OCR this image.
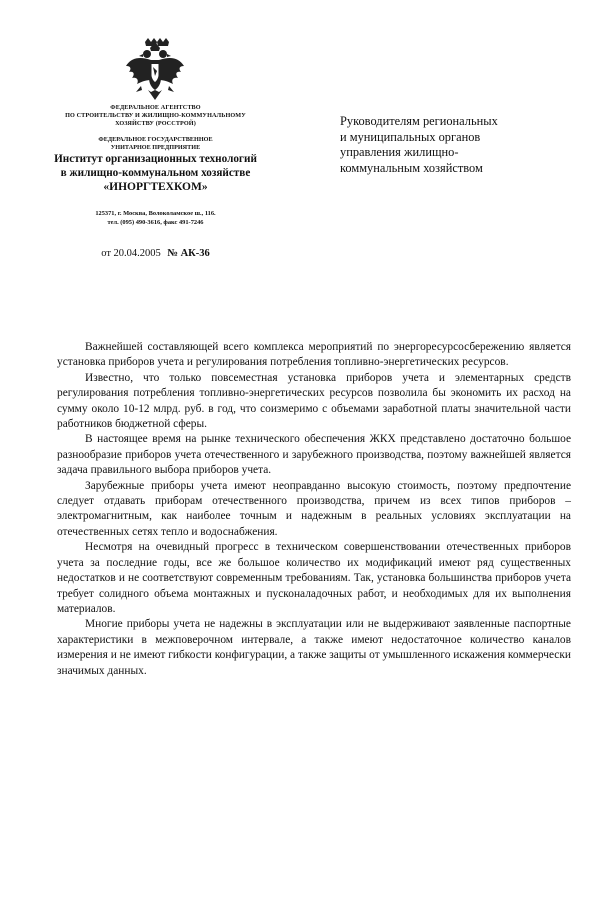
ФЕДЕРАЛЬНОЕ АГЕНТСТВО
ПО СТРОИТЕЛЬСТВУ И ЖИЛИЩНО-КОММУНАЛЬНОМУ
ХОЗЯЙСТВУ (РОССТРОЙ)
ФЕДЕРАЛЬНОЕ ГОСУДАРСТВЕННОЕ
УНИТАРНОЕ ПРЕДПРИЯТИЕ
Институт организационных технологий
в жилищно-коммунальном хозяйстве
«ИНОРГТЕХКОМ»
125371, г. Москва, Волоколамское ш., 116.
тел. (095) 490-3616, факс 491-7246
от 20.04.2005 № АК-36
Руководителям региональных
и муниципальных органов
управления жилищно-
коммунальным хозяйством

Важнейшей составляющей всего комплекса мероприятий по энергоресурсосбережению является установка приборов учета и регулирования потребления топливно-энергетических ресурсов.

Известно, что только повсеместная установка приборов учета и элементарных средств регулирования потребления топливно-энергетических ресурсов позволила бы экономить их расход на сумму около 10-12 млрд. руб. в год, что соизмеримо с объемами заработной платы значительной части работников бюджетной сферы.

В настоящее время на рынке технического обеспечения ЖКХ представлено достаточно большое разнообразие приборов учета отечественного и зарубежного производства, поэтому важнейшей является задача правильного выбора приборов учета.

Зарубежные приборы учета имеют неоправданно высокую стоимость, поэтому предпочтение следует отдавать приборам отечественного производства, причем из всех типов приборов –электромагнитным, как наиболее точным и надежным в реальных условиях эксплуатации на отечественных сетях тепло и водоснабжения.

Несмотря на очевидный прогресс в техническом совершенствовании отечественных приборов учета за последние годы, все же большое количество их модификаций имеют ряд существенных недостатков и не соответствуют современным требованиям. Так, установка большинства приборов учета требует солидного объема монтажных и пусконаладочных работ, и необходимых для их выполнения материалов.

Многие приборы учета не надежны в эксплуатации или не выдерживают заявленные паспортные характеристики в межповерочном интервале, а также имеют недостаточное количество каналов измерения и не имеют гибкости конфигурации, а также защиты от умышленного искажения коммерчески значимых данных.
